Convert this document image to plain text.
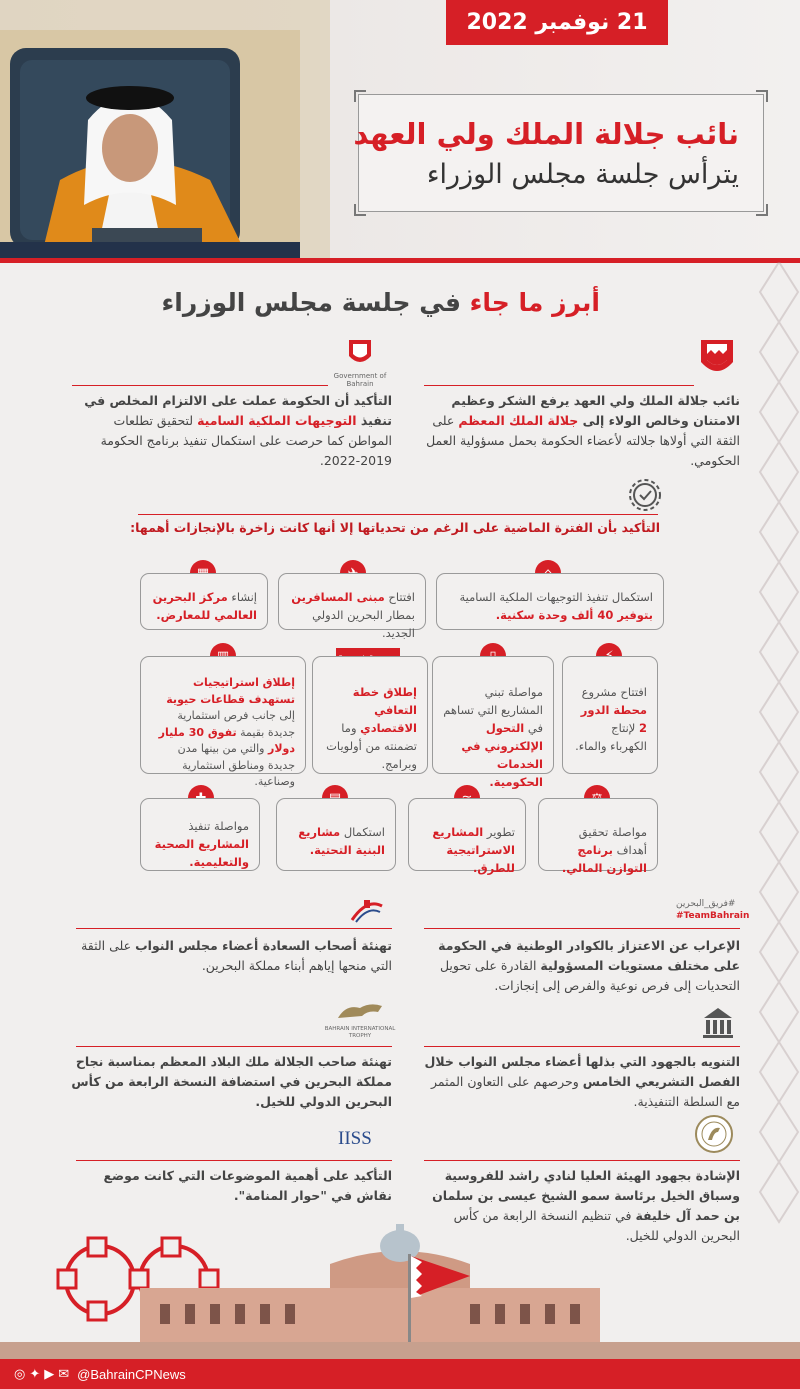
21 نوفمبر 2022
نائب جلالة الملك ولي العهد
يترأس جلسة مجلس الوزراء
أبرز ما جاء في جلسة مجلس الوزراء
نائب جلالة الملك ولي العهد يرفع الشكر وعظيم الامتنان وخالص الولاء إلى جلالة الملك المعظم على الثقة التي أولاها جلالته لأعضاء الحكومة بحمل مسؤولية العمل الحكومي.
Government of Bahrain
التأكيد أن الحكومة عملت على الالتزام المخلص في تنفيذ التوجيهات الملكية السامية لتحقيق تطلعات المواطن كما حرصت على استكمال تنفيذ برنامج الحكومة 2019-2022.
التأكيد بأن الفترة الماضية على الرغم من تحدياتها إلا أنها كانت زاخرة بالإنجازات أهمها:
استكمال تنفيذ التوجيهات الملكية السامية بتوفير 40 ألف وحدة سكنية.
افتتاح مبنى المسافرين بمطار البحرين الدولي الجديد.
إنشاء مركز البحرين العالمي للمعارض.
افتتاح مشروع محطة الدور 2 لإنتاج الكهرباء والماء.
مواصلة تبني المشاريع التي تساهم في التحول الإلكتروني في الخدمات الحكومية.
إطلاق خطة التعافي الاقتصادي وما تضمنته من أولويات وبرامج.
إطلاق استراتيجيات تستهدف قطاعات حيوية إلى جانب فرص استثمارية جديدة بقيمة تفوق 30 مليار دولار والتي من بينها مدن جديدة ومناطق استثمارية وصناعية.
مواصلة تحقيق أهداف برنامج التوازن المالي.
تطوير المشاريع الاستراتيجية للطرق.
استكمال مشاريع البنية التحتية.
مواصلة تنفيذ المشاريع الصحية والتعليمية.
#فريق_البحرين
#TeamBahrain
الإعراب عن الاعتزاز بالكوادر الوطنية في الحكومة على مختلف مستويات المسؤولية القادرة على تحويل التحديات إلى فرص نوعية والفرص إلى إنجازات.
تهنئة أصحاب السعادة أعضاء مجلس النواب على الثقة التي منحها إياهم أبناء مملكة البحرين.
التنويه بالجهود التي بذلها أعضاء مجلس النواب خلال الفصل التشريعي الخامس وحرصهم على التعاون المثمر مع السلطة التنفيذية.
BAHRAIN INTERNATIONAL TROPHY
تهنئة صاحب الجلالة ملك البلاد المعظم بمناسبة نجاح مملكة البحرين في استضافة النسخة الرابعة من كأس البحرين الدولي للخيل.
الإشادة بجهود الهيئة العليا لنادي راشد للفروسية وسباق الخيل برئاسة سمو الشيخ عيسى بن سلمان بن حمد آل خليفة في تنظيم النسخة الرابعة من كأس البحرين الدولي للخيل.
IISS
التأكيد على أهمية الموضوعات التي كانت موضع نقاش في "حوار المنامة".
◎ ✦ ▶ ✉ @BahrainCPNews
